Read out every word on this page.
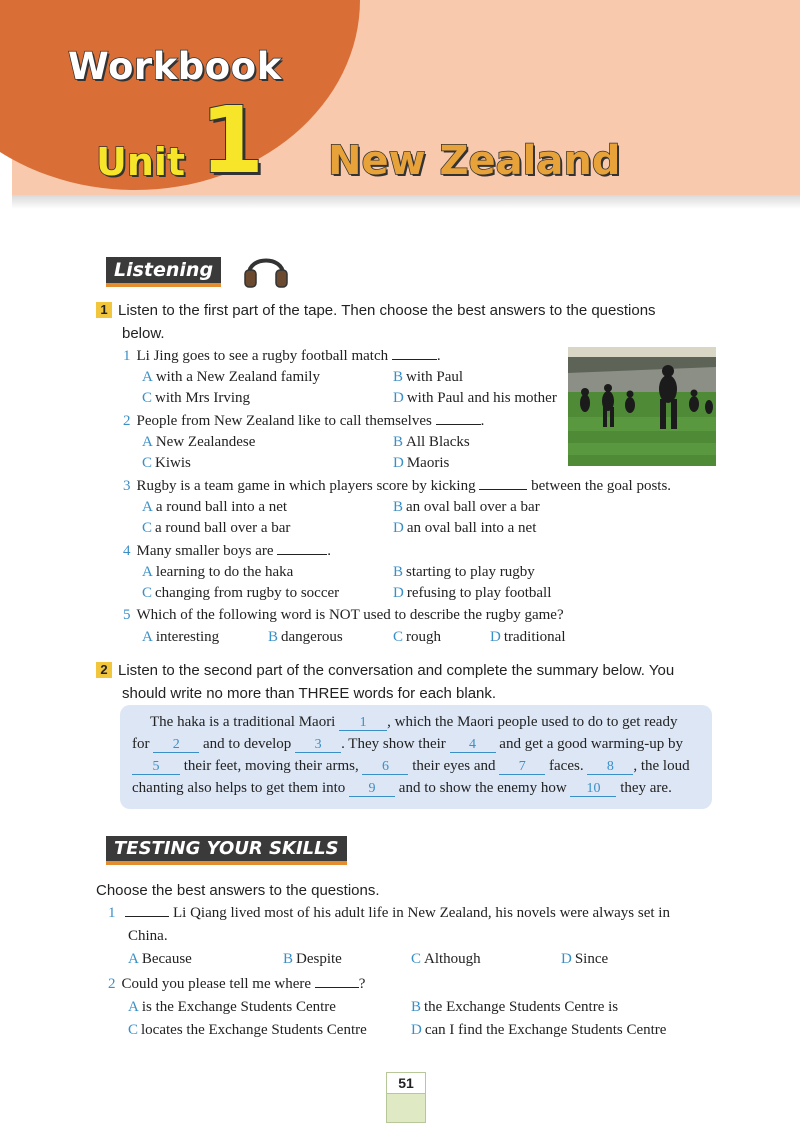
Workbook
Unit 1 New Zealand
Listening
1 Listen to the first part of the tape. Then choose the best answers to the questions
below.
1 Li Jing goes to see a rugby football match	.
A with a New Zealand family	B with Paul
C with Mrs Irving	D with Paul and his mother
2 People from New Zealand like to call themselves	.
A New Zealandese	B All Blacks
C Kiwis	D Maoris
3 Rugby is a team game in which players score by kicking	between the goal posts.
A a round ball into a net	B an oval ball over a bar
C a round ball over a bar	D an oval ball into a net
4 Many smaller boys are	.
A learning to do the haka	B starting to play rugby
C changing from rugby to soccer	D refusing to play football
5 Which of the following word is NOT used to describe the rugby game?
A interesting	B dangerous	C rough	D traditional
2 Listen to the second part of the conversation and complete the summary below. You
should write no more than THREE words for each blank.
The haka is a traditional Maori 1 , which the Maori people used to do to get ready
for 2 and to develop 3 . They show their 4 and get a good warming-up by
5 their feet, moving their arms, 6 their eyes and 7 faces. 8 , the loud
chanting also helps to get them into 9 and to show the enemy how 10 they are.
TESTING YOUR SKILLS
Choose the best answers to the questions.
1	Li Qiang lived most of his adult life in New Zealand, his novels were always set in
China.
A Because	B Despite	C Although	D Since
2 Could you please tell me where	?
A is the Exchange Students Centre	B the Exchange Students Centre is
C locates the Exchange Students Centre	D can I find the Exchange Students Centre
51
